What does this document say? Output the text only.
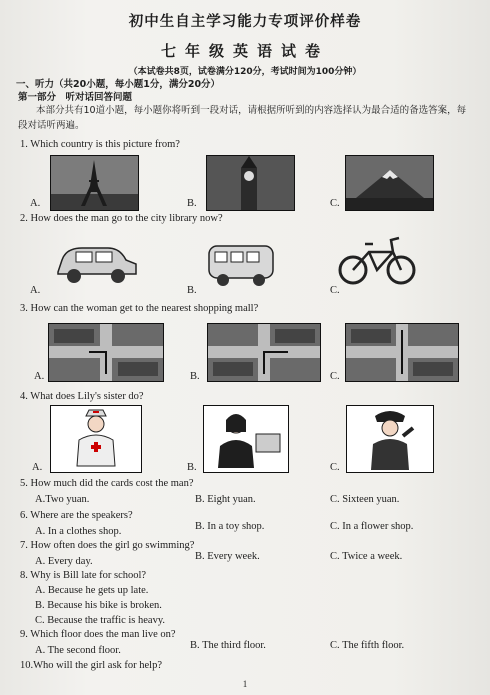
初中生自主学习能力专项评价样卷
七年级英语试卷
（本试卷共8页，试卷满分120分，考试时间为100分钟）
一、听力（共20小题，每小题1分，满分20分）
第一部分　听对话回答问题
本部分共有10道小题，每小题你将听到一段对话，请根据所听到的内容选择认为最合适的备选答案，每段对话听两遍。
1. Which country is this picture from?
A.	B.	C.
2. How does the man go to the city library now?
A.	B.	C.
3. How can the woman get to the nearest shopping mall?
A.	B.	C.
4. What does Lily's sister do?
A.	B.	C.
5. How much did the cards cost the man?
A.Two yuan.	B. Eight yuan.	C. Sixteen yuan.
6. Where are the speakers?
A. In a clothes shop.	B. In a toy shop.	C. In a flower shop.
7. How often does the girl go swimming?
A. Every day.	B. Every week.	C. Twice a week.
8. Why is Bill late for school?
A. Because he gets up late.
B. Because his bike is broken.
C. Because the traffic is heavy.
9. Which floor does the man live on?
A. The second floor.	B. The third floor.	C. The fifth floor.
10.Who will the girl ask for help?
1
